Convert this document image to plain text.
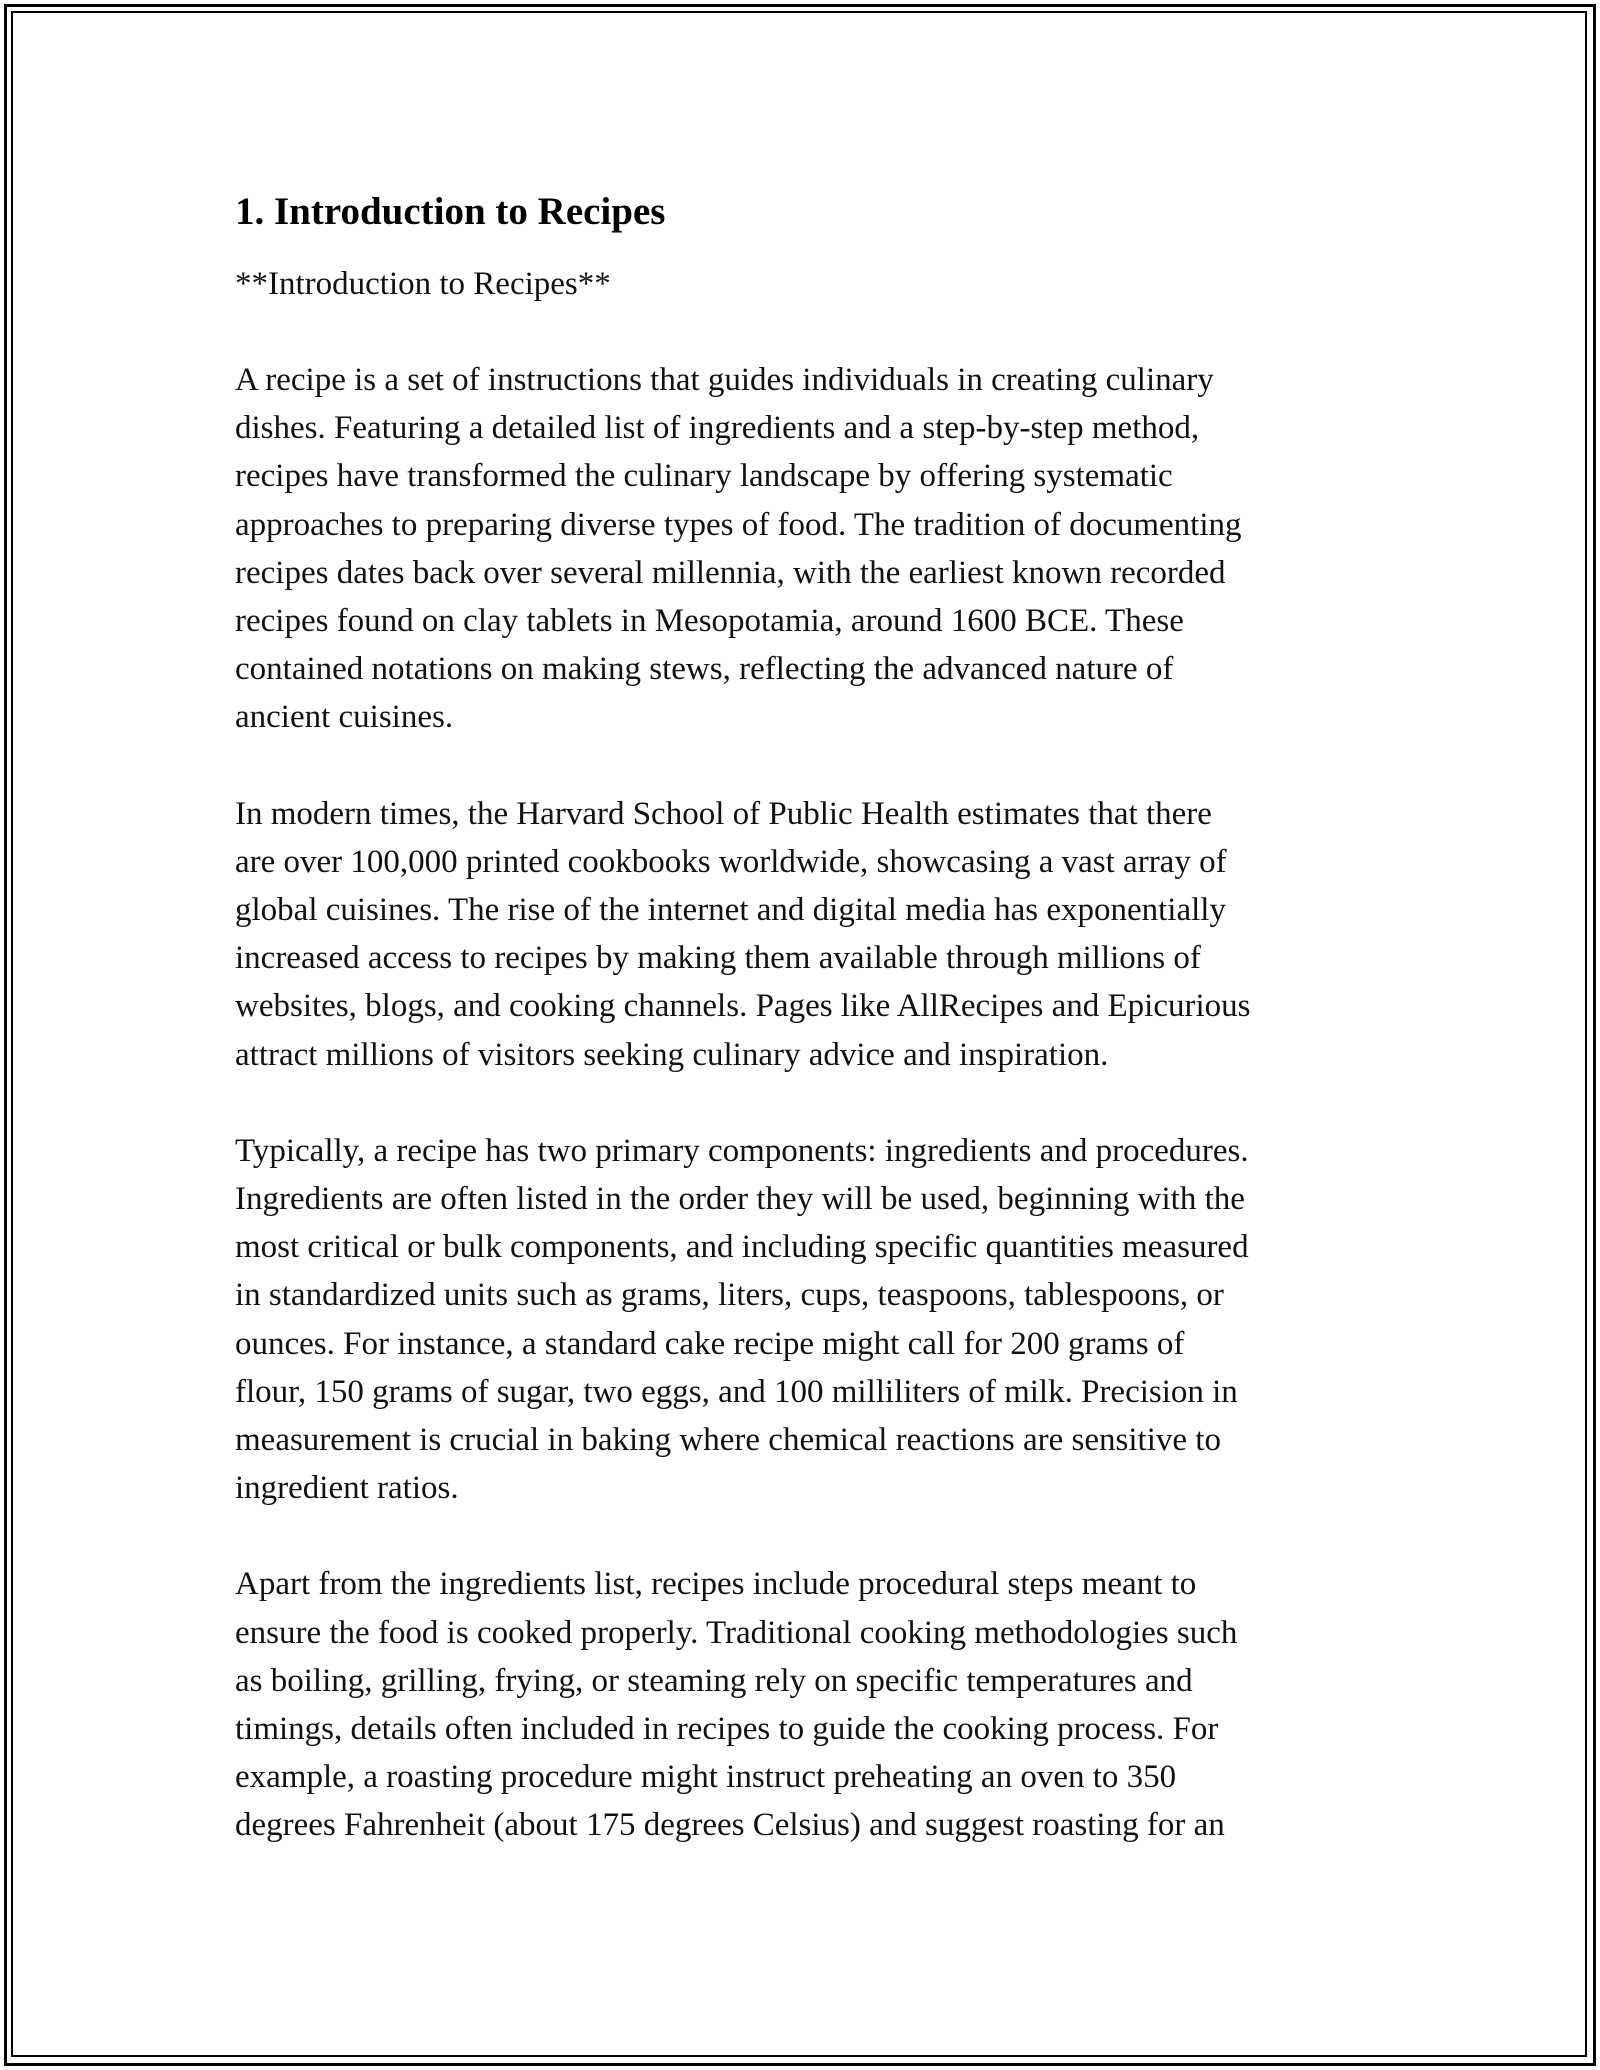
1. Introduction to Recipes
**Introduction to Recipes**

A recipe is a set of instructions that guides individuals in creating culinary
dishes. Featuring a detailed list of ingredients and a step-by-step method,
recipes have transformed the culinary landscape by offering systematic
approaches to preparing diverse types of food. The tradition of documenting
recipes dates back over several millennia, with the earliest known recorded
recipes found on clay tablets in Mesopotamia, around 1600 BCE. These
contained notations on making stews, reflecting the advanced nature of
ancient cuisines.

In modern times, the Harvard School of Public Health estimates that there
are over 100,000 printed cookbooks worldwide, showcasing a vast array of
global cuisines. The rise of the internet and digital media has exponentially
increased access to recipes by making them available through millions of
websites, blogs, and cooking channels. Pages like AllRecipes and Epicurious
attract millions of visitors seeking culinary advice and inspiration.

Typically, a recipe has two primary components: ingredients and procedures.
Ingredients are often listed in the order they will be used, beginning with the
most critical or bulk components, and including specific quantities measured
in standardized units such as grams, liters, cups, teaspoons, tablespoons, or
ounces. For instance, a standard cake recipe might call for 200 grams of
flour, 150 grams of sugar, two eggs, and 100 milliliters of milk. Precision in
measurement is crucial in baking where chemical reactions are sensitive to
ingredient ratios.

Apart from the ingredients list, recipes include procedural steps meant to
ensure the food is cooked properly. Traditional cooking methodologies such
as boiling, grilling, frying, or steaming rely on specific temperatures and
timings, details often included in recipes to guide the cooking process. For
example, a roasting procedure might instruct preheating an oven to 350
degrees Fahrenheit (about 175 degrees Celsius) and suggest roasting for an
